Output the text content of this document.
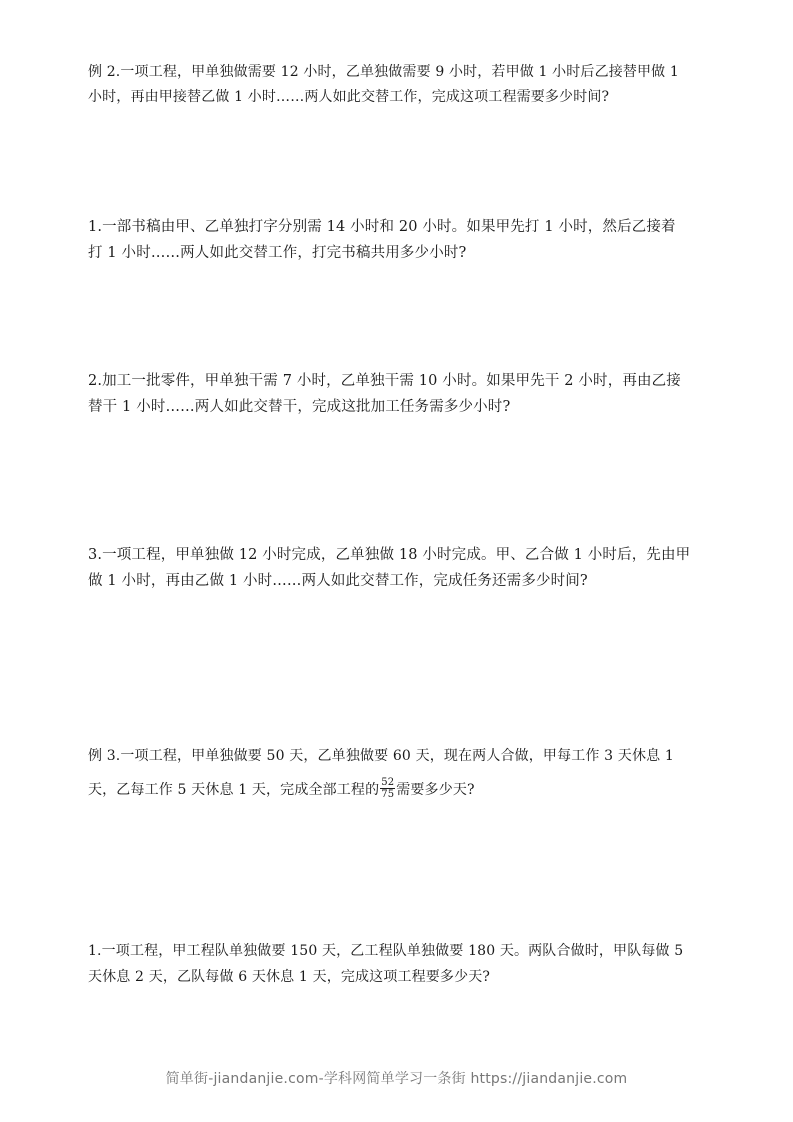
例 2.一项工程，甲单独做需要 12 小时，乙单独做需要 9 小时，若甲做 1 小时后乙接替甲做 1
小时，再由甲接替乙做 1 小时……两人如此交替工作，完成这项工程需要多少时间?
1.一部书稿由甲、乙单独打字分别需 14 小时和 20 小时。如果甲先打 1 小时，然后乙接着
打 1 小时……两人如此交替工作，打完书稿共用多少小时?
2.加工一批零件，甲单独干需 7 小时，乙单独干需 10 小时。如果甲先干 2 小时，再由乙接
替干 1 小时……两人如此交替干，完成这批加工任务需多少小时?
3.一项工程，甲单独做 12 小时完成，乙单独做 18 小时完成。甲、乙合做 1 小时后，先由甲
做 1 小时，再由乙做 1 小时……两人如此交替工作，完成任务还需多少时间?
例 3.一项工程，甲单独做要 50 天，乙单独做要 60 天，现在两人合做，甲每工作 3 天休息 1
天，乙每工作 5 天休息 1 天，完成全部工程的 $\frac{52}{75}$ 需要多少天?
1.一项工程，甲工程队单独做要 150 天，乙工程队单独做要 180 天。两队合做时，甲队每做 5
天休息 2 天，乙队每做 6 天休息 1 天，完成这项工程要多少天?
简单街-jiandanjie.com-学科网简单学习一条街 https://jiandanjie.com
